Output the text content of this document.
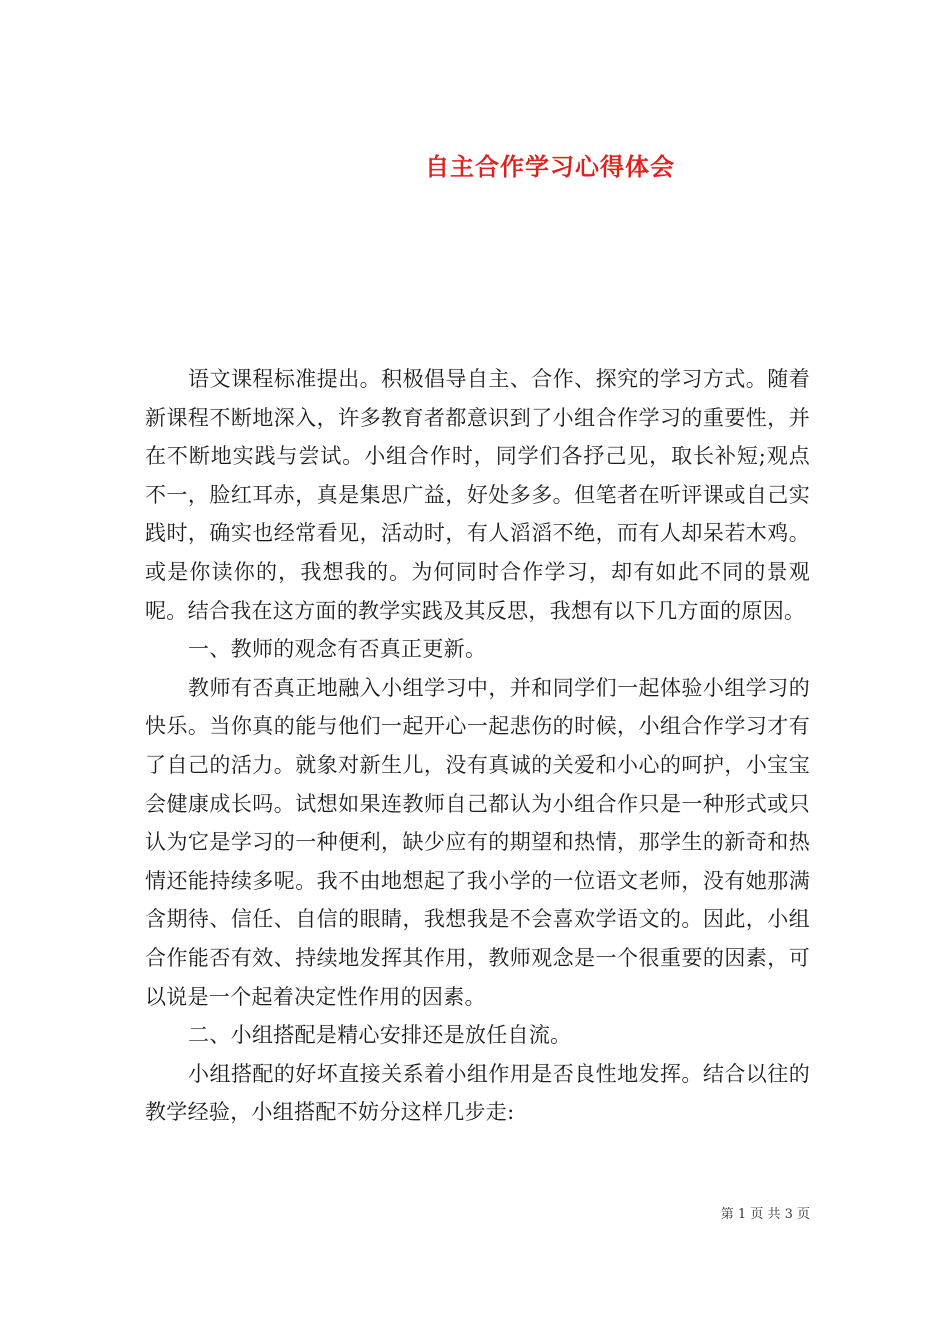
自主合作学习心得体会

语文课程标准提出。积极倡导自主、合作、探究的学习方式。随着新课程不断地深入，许多教育者都意识到了小组合作学习的重要性，并在不断地实践与尝试。小组合作时，同学们各抒己见，取长补短;观点不一，脸红耳赤，真是集思广益，好处多多。但笔者在听评课或自己实践时，确实也经常看见，活动时，有人滔滔不绝，而有人却呆若木鸡。或是你读你的，我想我的。为何同时合作学习，却有如此不同的景观呢。结合我在这方面的教学实践及其反思，我想有以下几方面的原因。

一、教师的观念有否真正更新。

教师有否真正地融入小组学习中，并和同学们一起体验小组学习的快乐。当你真的能与他们一起开心一起悲伤的时候，小组合作学习才有了自己的活力。就象对新生儿，没有真诚的关爱和小心的呵护，小宝宝会健康成长吗。试想如果连教师自己都认为小组合作只是一种形式或只认为它是学习的一种便利，缺少应有的期望和热情，那学生的新奇和热情还能持续多呢。我不由地想起了我小学的一位语文老师，没有她那满含期待、信任、自信的眼睛，我想我是不会喜欢学语文的。因此，小组合作能否有效、持续地发挥其作用，教师观念是一个很重要的因素，可以说是一个起着决定性作用的因素。

二、小组搭配是精心安排还是放任自流。

小组搭配的好坏直接关系着小组作用是否良性地发挥。结合以往的教学经验，小组搭配不妨分这样几步走:

第 1 页 共 3 页
